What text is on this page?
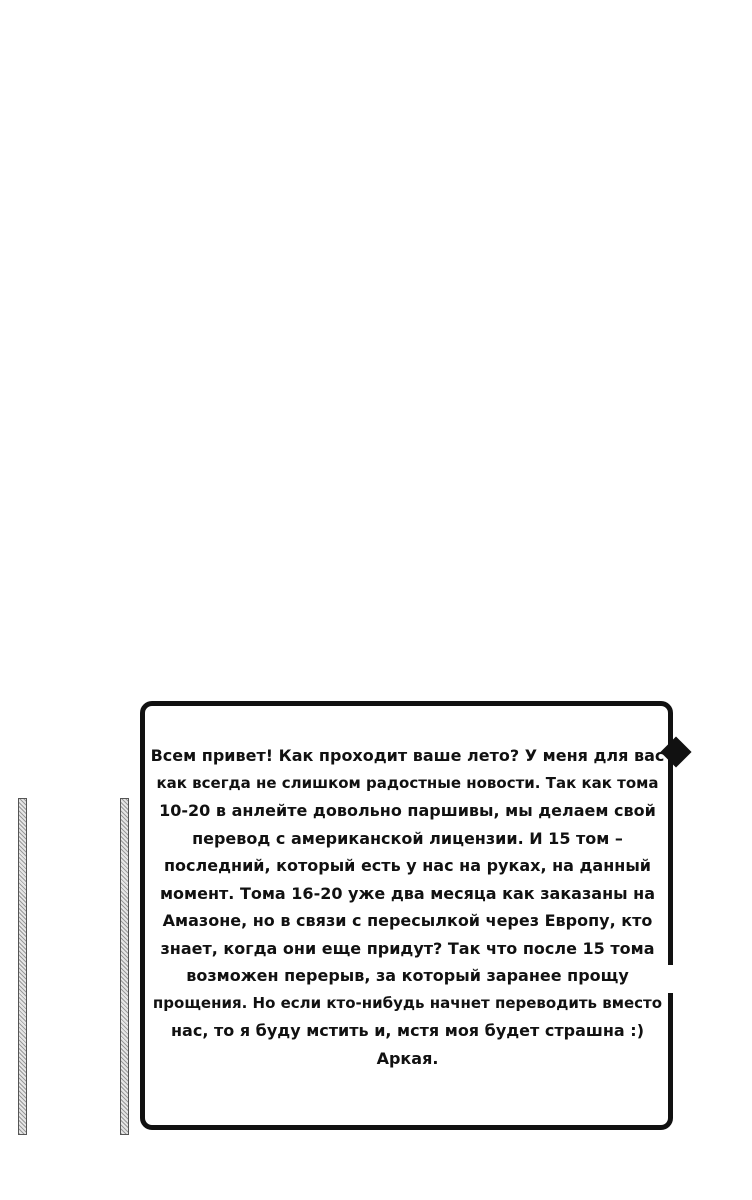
Всем привет! Как проходит ваше лето? У меня для вас
как всегда не слишком радостные новости. Так как тома
10-20 в анлейте довольно паршивы, мы делаем свой
перевод с американской лицензии. И 15 том –
последний, который есть у нас на руках, на данный
момент. Тома 16-20 уже два месяца как заказаны на
Амазоне, но в связи с пересылкой через Европу, кто
знает, когда они еще придут? Так что после 15 тома
возможен перерыв, за который заранее прощу
прощения. Но если кто-нибудь начнет переводить вместо
нас, то я буду мстить и, мстя моя будет страшна :)
Аркая.
